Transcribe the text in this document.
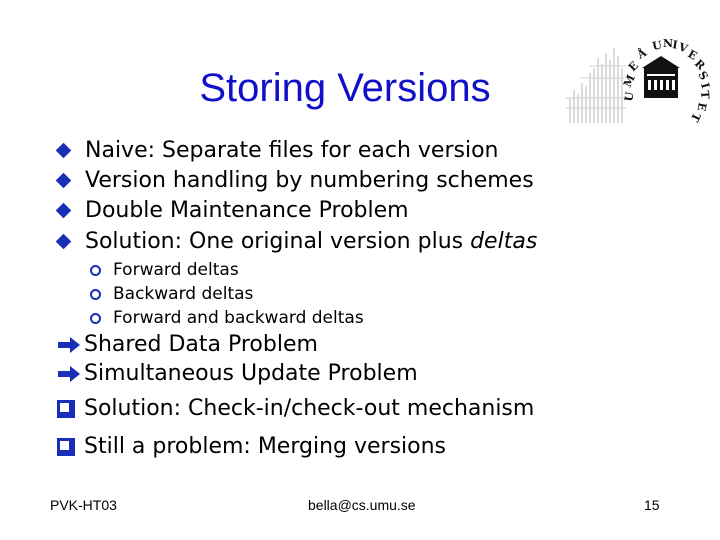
Storing Versions	U
M
E
Å
U N
I
V
E
R
S
I
T
E
T
Naive: Separate files for each version
Version handling by numbering schemes
Double Maintenance Problem
Solution: One original version plus deltas
Forward deltas
Backward deltas
Forward and backward deltas
Shared Data Problem
Simultaneous Update Problem
Solution: Check-in/check-out mechanism
Still a problem: Merging versions
PVK-HT03	bella@cs.umu.se	15
